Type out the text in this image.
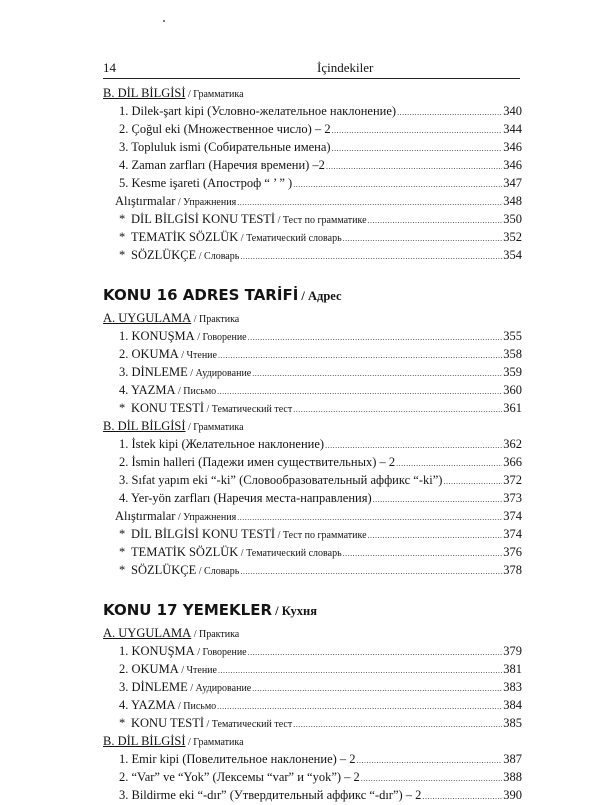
14	İçindekiler
B. DİL BİLGİSİ / Грамматика
1. Dilek-şart kipi (Условно-желательное наклонение) .....	340
2. Çoğul eki (Множественное число) – 2 .....	344
3. Topluluk ismi (Собирательные имена) .....	346
4. Zaman zarfları (Наречия времени) –2 .....	346
5. Kesme işareti (Апостроф “ ’ ” ) .....	347
Alıştırmalar / Упражнения .....	348
* DİL BİLGİSİ KONU TESTİ / Тест по грамматике .....	350
* TEMATİK SÖZLÜK / Тематический словарь .....	352
* SÖZLÜKÇE / Словарь .....	354
KONU 16 ADRES TARİFİ / Адрес
A. UYGULAMA / Практика
1. KONUŞMA / Говорение .....	355
2. OKUMA / Чтение .....	358
3. DİNLEME / Аудирование .....	359
4. YAZMA / Письмо .....	360
* KONU TESTİ / Тематический тест .....	361
B. DİL BİLGİSİ / Грамматика
1. İstek kipi (Желательное наклонение) .....	362
2. İsmin halleri (Падежи имен существительных) – 2 .....	366
3. Sıfat yapım eki “-ki” (Словообразовательный аффикс “-ki”) .....	372
4. Yer-yön zarfları (Наречия места-направления) .....	373
Alıştırmalar / Упражнения .....	374
* DİL BİLGİSİ KONU TESTİ / Тест по грамматике .....	374
* TEMATİK SÖZLÜK / Тематический словарь .....	376
* SÖZLÜKÇE / Словарь .....	378
KONU 17 YEMEKLER / Кухня
A. UYGULAMA / Практика
1. KONUŞMA / Говорение .....	379
2. OKUMA / Чтение .....	381
3. DİNLEME / Аудирование .....	383
4. YAZMA / Письмо .....	384
* KONU TESTİ / Тематический тест .....	385
B. DİL BİLGİSİ / Грамматика
1. Emir kipi (Повелительное наклонение) – 2 .....	387
2. “Var” ve “Yok” (Лексемы “var” и “yok”) – 2 .....	388
3. Bildirme eki “-dır” (Утвердительный аффикс “-dır”) – 2 .....	390
